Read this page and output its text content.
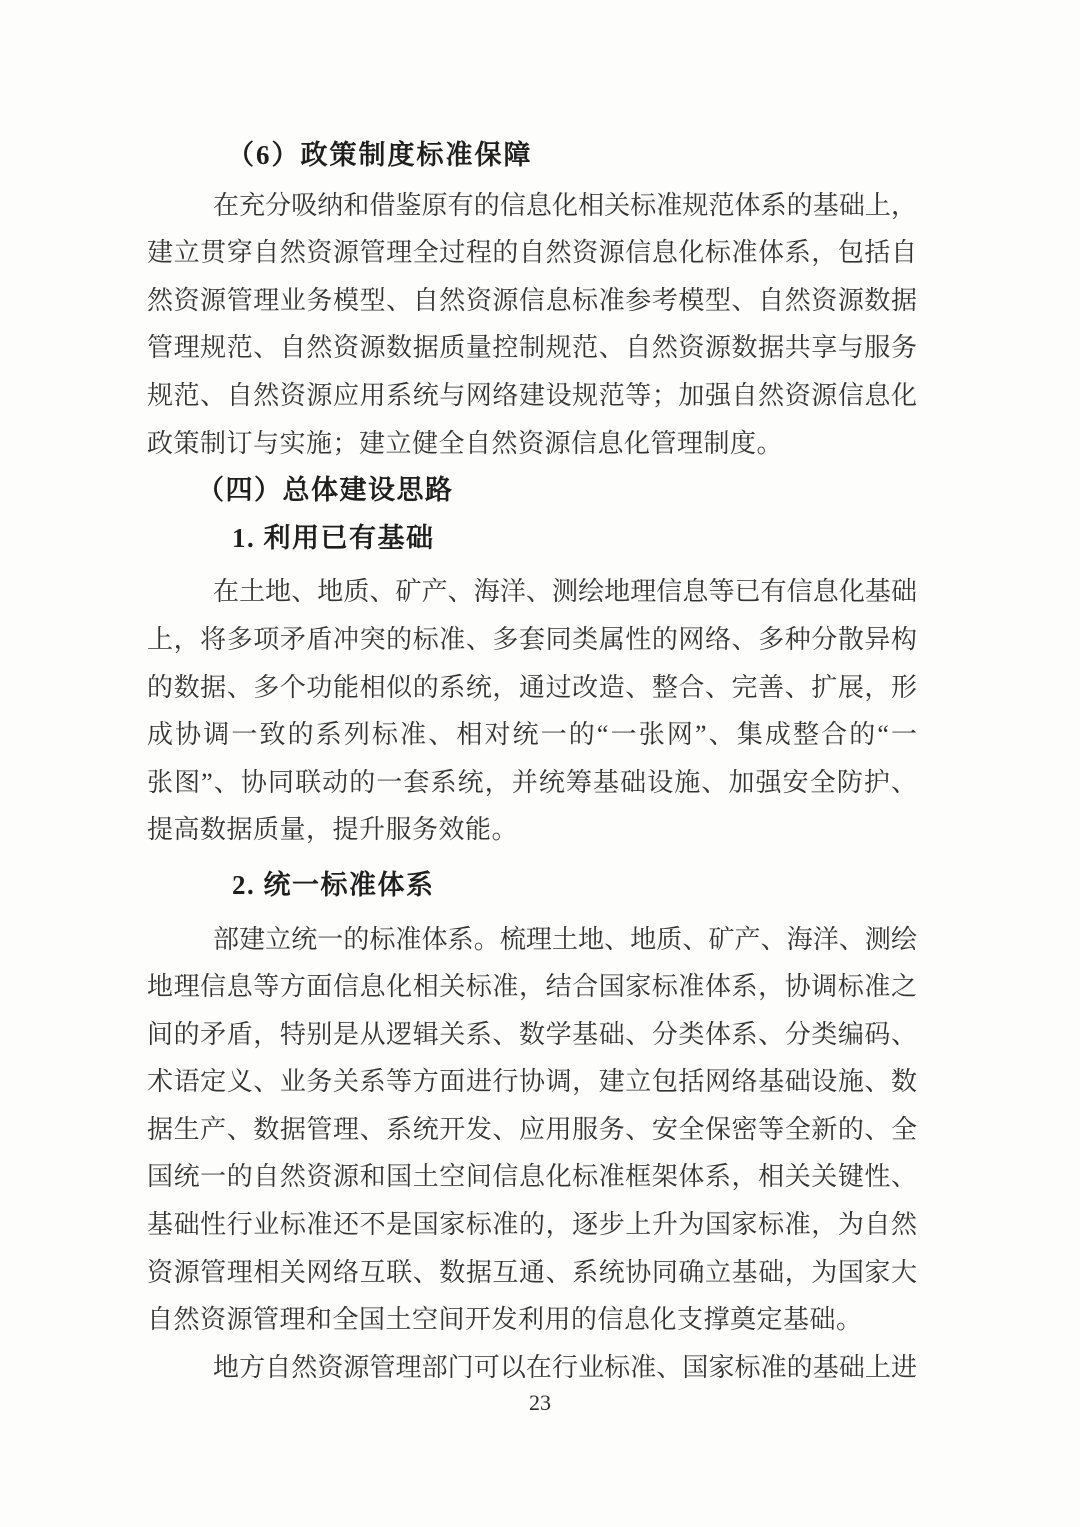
（6）政策制度标准保障
在充分吸纳和借鉴原有的信息化相关标准规范体系的基础上，
建立贯穿自然资源管理全过程的自然资源信息化标准体系，包括自
然资源管理业务模型、自然资源信息标准参考模型、自然资源数据
管理规范、自然资源数据质量控制规范、自然资源数据共享与服务
规范、自然资源应用系统与网络建设规范等；加强自然资源信息化
政策制订与实施；建立健全自然资源信息化管理制度。
（四）总体建设思路
1. 利用已有基础
在土地、地质、矿产、海洋、测绘地理信息等已有信息化基础
上，将多项矛盾冲突的标准、多套同类属性的网络、多种分散异构
的数据、多个功能相似的系统，通过改造、整合、完善、扩展，形
成协调一致的系列标准、相对统一的“一张网”、集成整合的“一
张图”、协同联动的一套系统，并统筹基础设施、加强安全防护、
提高数据质量，提升服务效能。
2. 统一标准体系
部建立统一的标准体系。梳理土地、地质、矿产、海洋、测绘
地理信息等方面信息化相关标准，结合国家标准体系，协调标准之
间的矛盾，特别是从逻辑关系、数学基础、分类体系、分类编码、
术语定义、业务关系等方面进行协调，建立包括网络基础设施、数
据生产、数据管理、系统开发、应用服务、安全保密等全新的、全
国统一的自然资源和国土空间信息化标准框架体系，相关关键性、
基础性行业标准还不是国家标准的，逐步上升为国家标准，为自然
资源管理相关网络互联、数据互通、系统协同确立基础，为国家大
自然资源管理和全国土空间开发利用的信息化支撑奠定基础。
地方自然资源管理部门可以在行业标准、国家标准的基础上进
23
